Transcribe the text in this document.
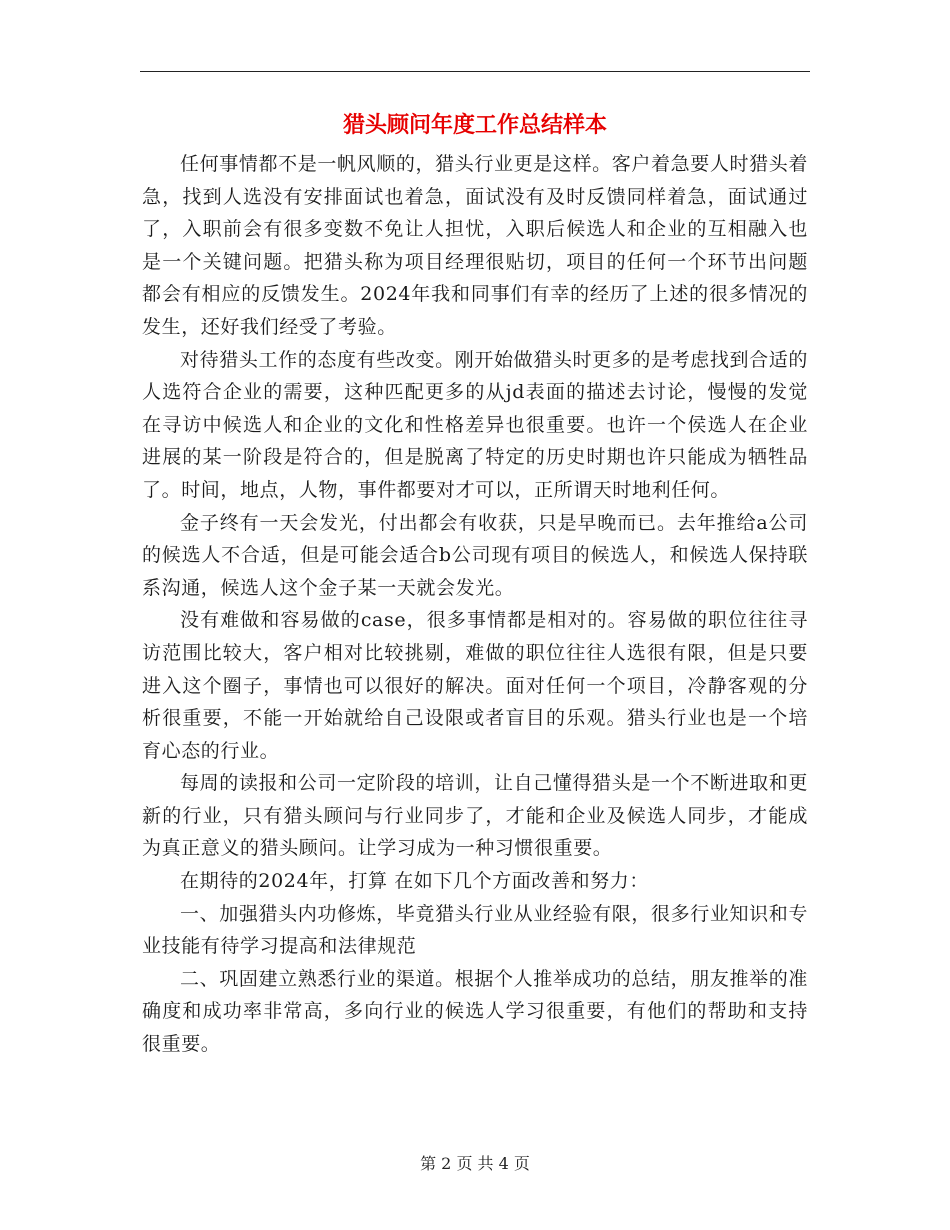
猎头顾问年度工作总结样本

任何事情都不是一帆风顺的，猎头行业更是这样。客户着急要人时猎头着急，找到人选没有安排面试也着急，面试没有及时反馈同样着急，面试通过了，入职前会有很多变数不免让人担忧，入职后候选人和企业的互相融入也是一个关键问题。把猎头称为项目经理很贴切，项目的任何一个环节出问题都会有相应的反馈发生。2024年我和同事们有幸的经历了上述的很多情况的发生，还好我们经受了考验。

对待猎头工作的态度有些改变。刚开始做猎头时更多的是考虑找到合适的人选符合企业的需要，这种匹配更多的从jd表面的描述去讨论，慢慢的发觉在寻访中候选人和企业的文化和性格差异也很重要。也许一个侯选人在企业进展的某一阶段是符合的，但是脱离了特定的历史时期也许只能成为牺牲品了。时间，地点，人物，事件都要对才可以，正所谓天时地利任何。

金子终有一天会发光，付出都会有收获，只是早晚而已。去年推给a公司的候选人不合适，但是可能会适合b公司现有项目的候选人，和候选人保持联系沟通，候选人这个金子某一天就会发光。

没有难做和容易做的case，很多事情都是相对的。容易做的职位往往寻访范围比较大，客户相对比较挑剔，难做的职位往往人选很有限，但是只要进入这个圈子，事情也可以很好的解决。面对任何一个项目，冷静客观的分析很重要，不能一开始就给自己设限或者盲目的乐观。猎头行业也是一个培育心态的行业。

每周的读报和公司一定阶段的培训，让自己懂得猎头是一个不断进取和更新的行业，只有猎头顾问与行业同步了，才能和企业及候选人同步，才能成为真正意义的猎头顾问。让学习成为一种习惯很重要。

在期待的2024年，打算 在如下几个方面改善和努力：

一、加强猎头内功修炼，毕竟猎头行业从业经验有限，很多行业知识和专业技能有待学习提高和法律规范

二、巩固建立熟悉行业的渠道。根据个人推举成功的总结，朋友推举的准确度和成功率非常高，多向行业的候选人学习很重要，有他们的帮助和支持很重要。

第 2 页 共 4 页
